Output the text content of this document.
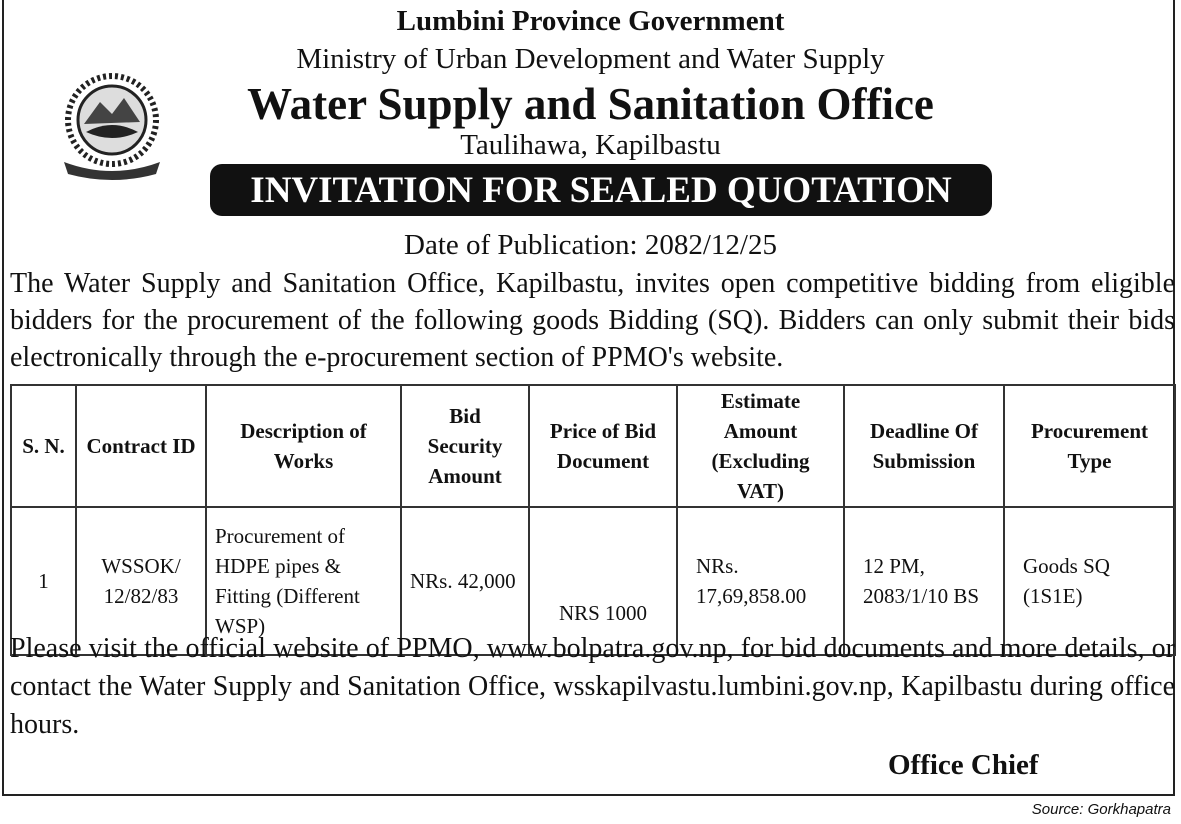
Lumbini Province Government
Ministry of Urban Development and Water Supply
Water Supply and Sanitation Office
Taulihawa, Kapilbastu
INVITATION FOR SEALED QUOTATION
Date of Publication: 2082/12/25
The Water Supply and Sanitation Office, Kapilbastu, invites open competitive bidding from eligible bidders for the procurement of the following goods Bidding (SQ). Bidders can only submit their bids electronically through the e-procurement section of PPMO's website.
S. N.	Contract ID	Description of Works	Bid Security Amount	Price of Bid Document	Estimate Amount (Excluding VAT)	Deadline Of Submission	Procurement Type
1	WSSOK/ 12/82/83	Procurement of HDPE pipes & Fitting (Different WSP)	NRs. 42,000	NRS 1000	NRs. 17,69,858.00	12 PM, 2083/1/10 BS	Goods SQ (1S1E)
Please visit the official website of PPMO, www.bolpatra.gov.np, for bid documents and more details, or contact the Water Supply and Sanitation Office, wsskapilvastu.lumbini.gov.np, Kapilbastu during office hours.
Office Chief
Source: Gorkhapatra
